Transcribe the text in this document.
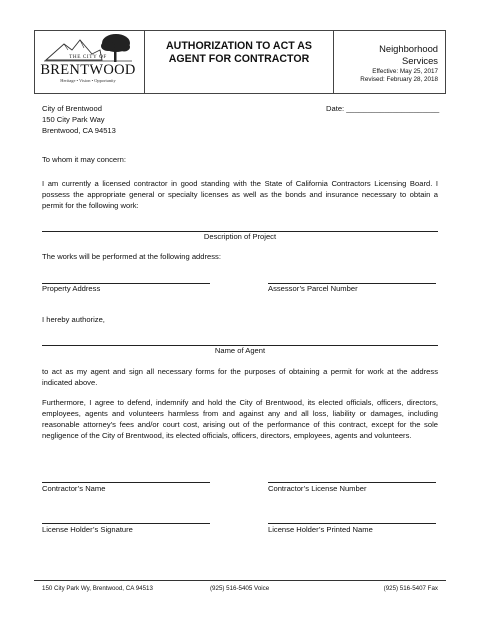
THE CITY OF
BRENTWOOD
Heritage • Vision • Opportunity
AUTHORIZATION TO ACT AS
AGENT FOR CONTRACTOR
Neighborhood
Services
Effective: May 25, 2017
Revised: February 28, 2018
City of Brentwood
150 City Park Way
Brentwood, CA 94513
Date: ______________________
To whom it may concern:

I am currently a licensed contractor in good standing with the State of California Contractors Licensing Board. I possess the appropriate general or specialty licenses as well as the bonds and insurance necessary to obtain a permit for the following work:

Description of Project
The works will be performed at the following address:
Property Address	Assessor’s Parcel Number
I hereby authorize,
Name of Agent

to act as my agent and sign all necessary forms for the purposes of obtaining a permit for work at the address indicated above.

Furthermore, I agree to defend, indemnify and hold the City of Brentwood, its elected officials, officers, directors, employees, agents and volunteers harmless from and against any and all loss, liability or damages, including reasonable attorney’s fees and/or court cost, arising out of the performance of this contract, except for the sole negligence of the City of Brentwood, its elected officials, officers, directors, employees, agents and volunteers.

Contractor’s Name	Contractor’s License Number
License Holder’s Signature	License Holder’s Printed Name
150 City Park Wy, Brentwood, CA 94513	(925) 516-5405 Voice	(925) 516-5407 Fax
